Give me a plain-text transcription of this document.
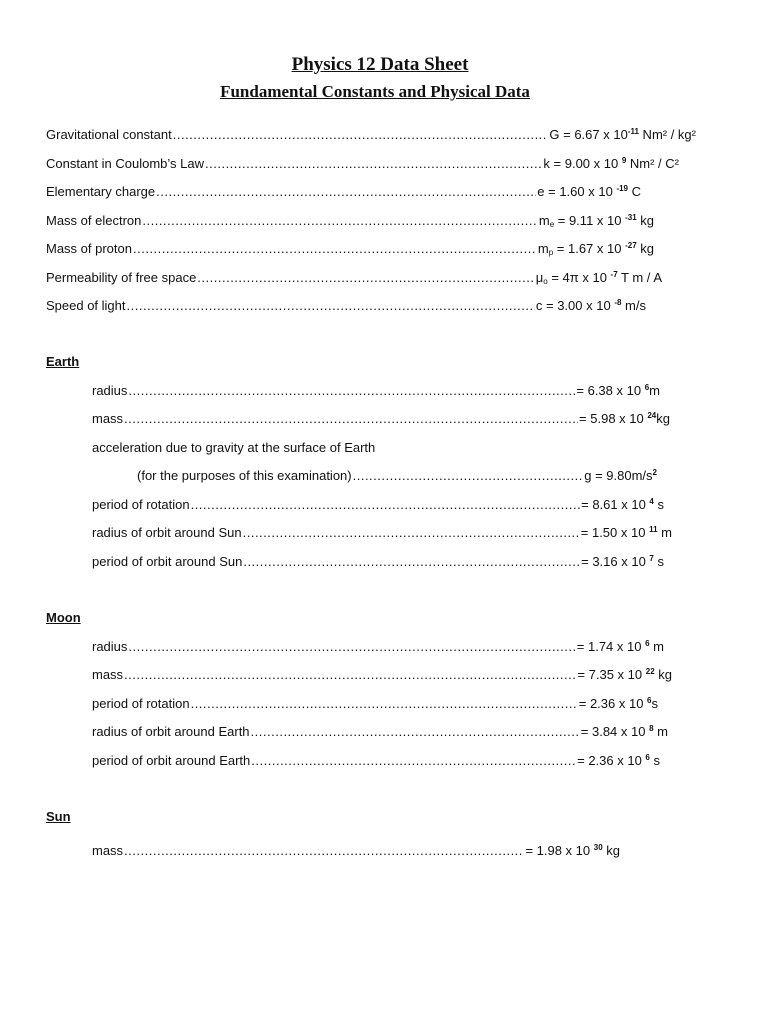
Physics 12 Data Sheet
Fundamental Constants and Physical Data
Gravitational constant .....	G = 6.67 x $10^{-11}$ Nm² / kg²
Constant in Coulomb’s Law .....	k = 9.00 x 10 $^9$ Nm² / C²
Elementary charge .....	e = 1.60 x 10 $^{-19}$ C
Mass of electron .....	$m_e = 9.11$ x 10 $^{-31}$ kg
Mass of proton .....	$m_p = 1.67$ x 10 $^{-27}$ kg
Permeability of free space .....	$\mu_o = 4\pi$ x 10 $^{-7}$ T m / A
Speed of light .....	c = 3.00 x 10 $^{-8}$ m/s
Earth
radius .....	= 6.38 x 10 $^6$m
mass .....	= 5.98 x 10 $^{24}$kg
acceleration due to gravity at the surface of Earth
(for the purposes of this examination) .....	$g = 9.80m/s^2$
period of rotation .....	= 8.61 x 10 $^4$ s
radius of orbit around Sun .....	= 1.50 x 10 $^{11}$ m
period of orbit around Sun .....	= 3.16 x 10 $^7$ s
Moon
radius .....	= 1.74 x 10 $^6$ m
mass .....	= 7.35 x 10 $^{22}$ kg
period of rotation .....	= 2.36 x 10 $^6$s
radius of orbit around Earth .....	= 3.84 x 10 $^8$ m
period of orbit around Earth .....	= 2.36 x 10 $^6$ s
Sun
mass .....	= 1.98 x 10 $^{30}$ kg
